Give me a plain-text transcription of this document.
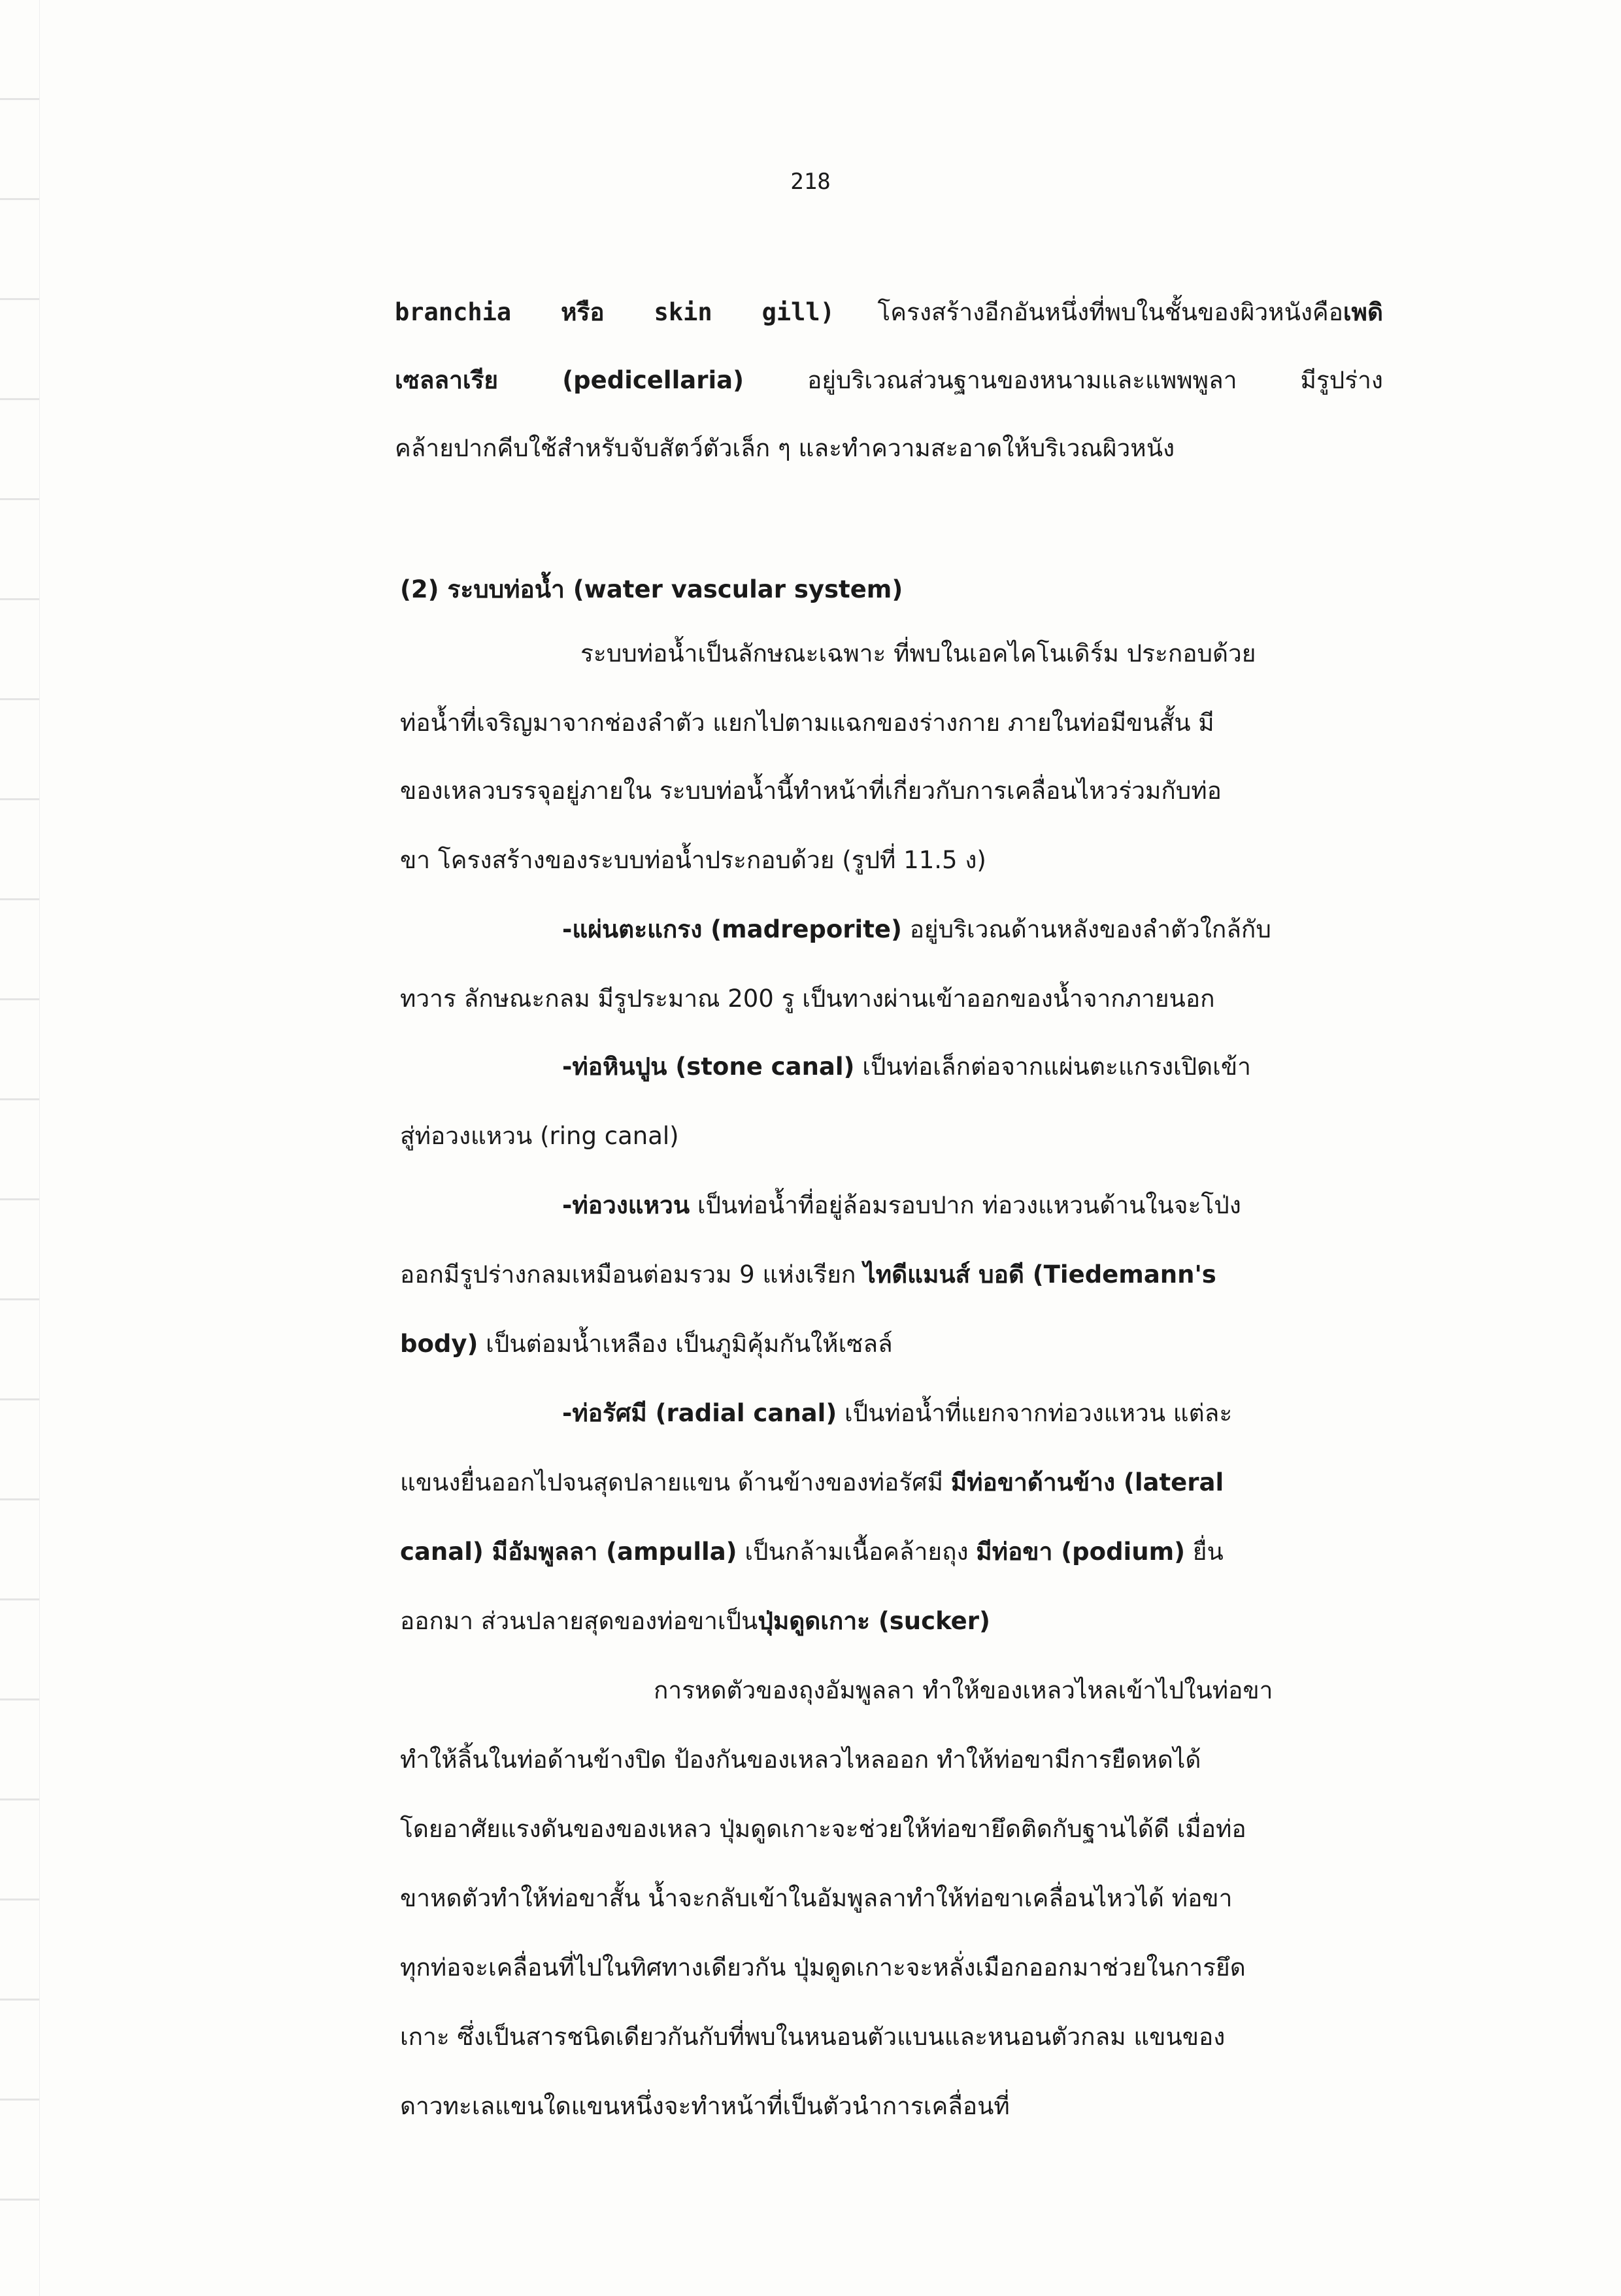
218
branchia หรือ skin gill) โครงสร้างอีกอันหนึ่งที่พบในชั้นของผิวหนังคือเพดิ
เซลลาเรีย (pedicellaria) อยู่บริเวณส่วนฐานของหนามและแพพพูลา มีรูปร่าง
คล้ายปากคีบใช้สำหรับจับสัตว์ตัวเล็ก ๆ และทำความสะอาดให้บริเวณผิวหนัง
(2) ระบบท่อน้ำ (water vascular system)
ระบบท่อน้ำเป็นลักษณะเฉพาะ ที่พบในเอคไคโนเดิร์ม ประกอบด้วย
ท่อน้ำที่เจริญมาจากช่องลำตัว แยกไปตามแฉกของร่างกาย ภายในท่อมีขนสั้น มี
ของเหลวบรรจุอยู่ภายใน ระบบท่อน้ำนี้ทำหน้าที่เกี่ยวกับการเคลื่อนไหวร่วมกับท่อ
ขา โครงสร้างของระบบท่อน้ำประกอบด้วย (รูปที่ 11.5 ง)
-แผ่นตะแกรง (madreporite) อยู่บริเวณด้านหลังของลำตัวใกล้กับ
ทวาร ลักษณะกลม มีรูประมาณ 200 รู เป็นทางผ่านเข้าออกของน้ำจากภายนอก
-ท่อหินปูน (stone canal) เป็นท่อเล็กต่อจากแผ่นตะแกรงเปิดเข้า
สู่ท่อวงแหวน (ring canal)
-ท่อวงแหวน เป็นท่อน้ำที่อยู่ล้อมรอบปาก ท่อวงแหวนด้านในจะโป่ง
ออกมีรูปร่างกลมเหมือนต่อมรวม 9 แห่งเรียก ไทดีแมนส์ บอดี (Tiedemann's
body) เป็นต่อมน้ำเหลือง เป็นภูมิคุ้มกันให้เซลล์
-ท่อรัศมี (radial canal) เป็นท่อน้ำที่แยกจากท่อวงแหวน แต่ละ
แขนงยื่นออกไปจนสุดปลายแขน ด้านข้างของท่อรัศมี มีท่อขาด้านข้าง (lateral
canal) มีอัมพูลลา (ampulla) เป็นกล้ามเนื้อคล้ายถุง มีท่อขา (podium) ยื่น
ออกมา ส่วนปลายสุดของท่อขาเป็นปุ่มดูดเกาะ (sucker)
การหดตัวของถุงอัมพูลลา ทำให้ของเหลวไหลเข้าไปในท่อขา
ทำให้ลิ้นในท่อด้านข้างปิด ป้องกันของเหลวไหลออก ทำให้ท่อขามีการยืดหดได้
โดยอาศัยแรงดันของของเหลว ปุ่มดูดเกาะจะช่วยให้ท่อขายึดติดกับฐานได้ดี เมื่อท่อ
ขาหดตัวทำให้ท่อขาสั้น น้ำจะกลับเข้าในอัมพูลลาทำให้ท่อขาเคลื่อนไหวได้ ท่อขา
ทุกท่อจะเคลื่อนที่ไปในทิศทางเดียวกัน ปุ่มดูดเกาะจะหลั่งเมือกออกมาช่วยในการยึด
เกาะ ซึ่งเป็นสารชนิดเดียวกันกับที่พบในหนอนตัวแบนและหนอนตัวกลม แขนของ
ดาวทะเลแขนใดแขนหนึ่งจะทำหน้าที่เป็นตัวนำการเคลื่อนที่
